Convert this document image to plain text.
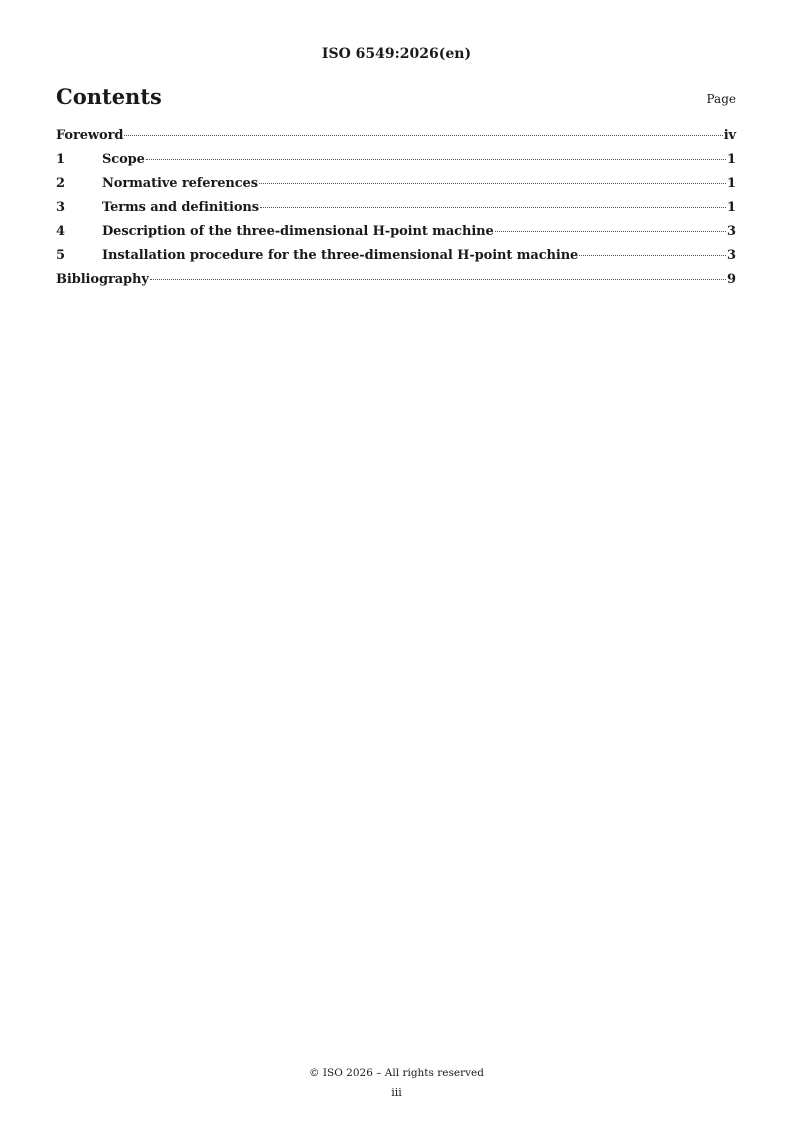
ISO 6549:2026(en)
Contents	Page
Foreword	iv
1	Scope	1
2	Normative references	1
3	Terms and definitions	1
4	Description of the three-dimensional H-point machine	3
5	Installation procedure for the three-dimensional H-point machine	3
Bibliography	9
© ISO 2026 – All rights reserved
iii
